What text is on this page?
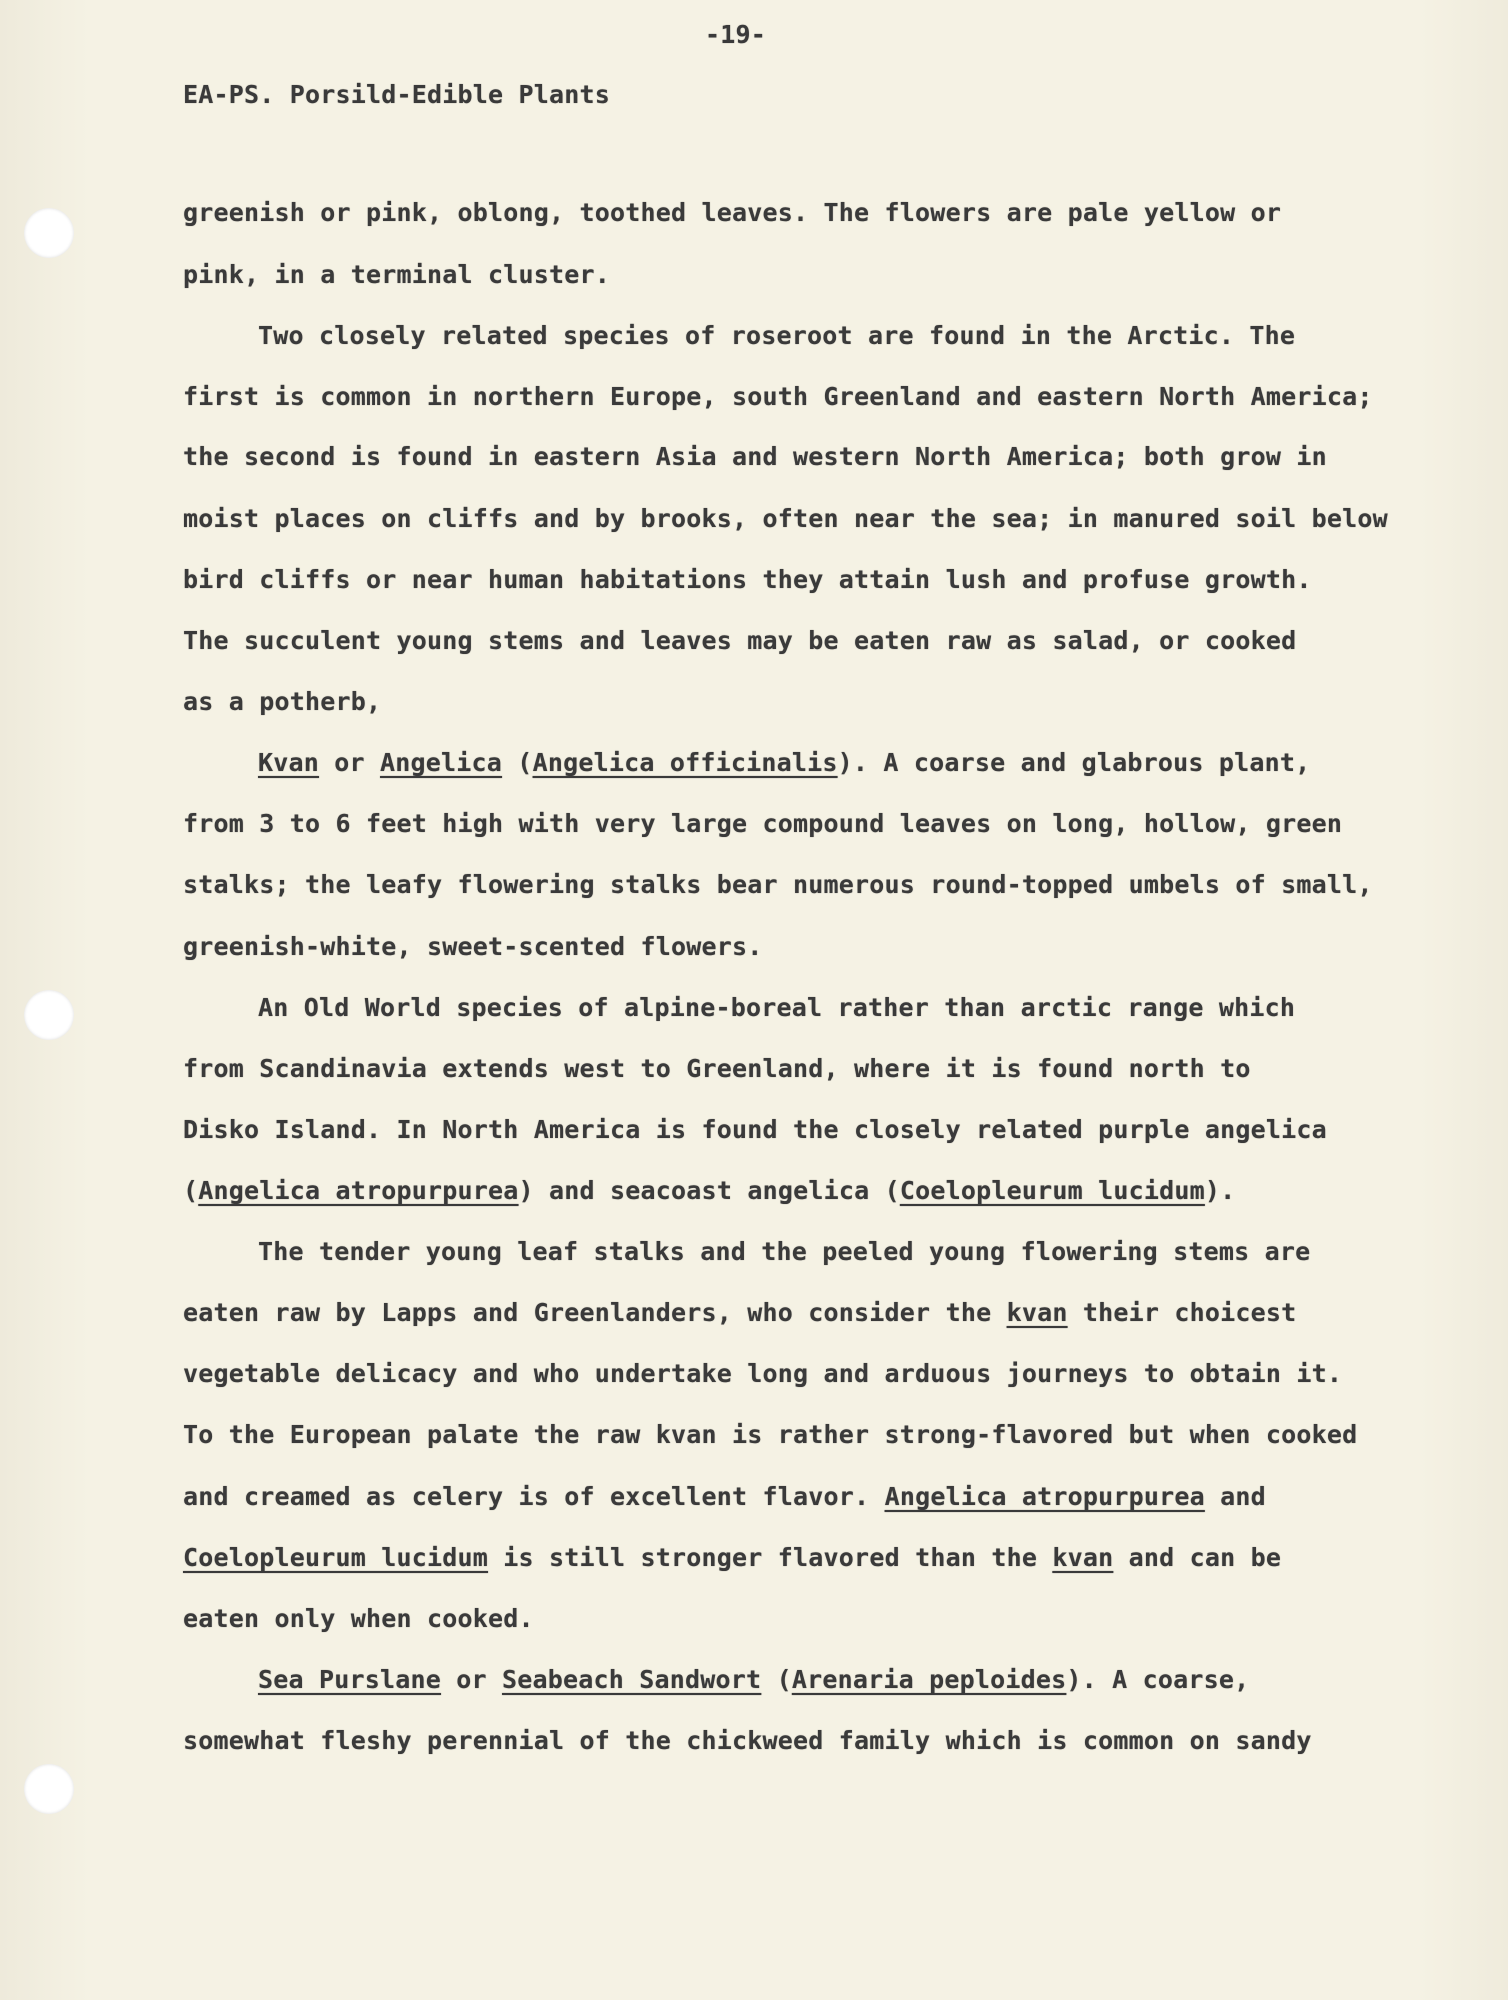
-19-
EA-PS. Porsild-Edible Plants
greenish or pink, oblong, toothed leaves. The flowers are pale yellow or
pink, in a terminal cluster.
Two closely related species of roseroot are found in the Arctic. The
first is common in northern Europe, south Greenland and eastern North America;
the second is found in eastern Asia and western North America; both grow in
moist places on cliffs and by brooks, often near the sea; in manured soil below
bird cliffs or near human habitations they attain lush and profuse growth.
The succulent young stems and leaves may be eaten raw as salad, or cooked
as a potherb,
Kvan or Angelica (Angelica officinalis). A coarse and glabrous plant,
from 3 to 6 feet high with very large compound leaves on long, hollow, green
stalks; the leafy flowering stalks bear numerous round-topped umbels of small,
greenish-white, sweet-scented flowers.
An Old World species of alpine-boreal rather than arctic range which
from Scandinavia extends west to Greenland, where it is found north to
Disko Island. In North America is found the closely related purple angelica
(Angelica atropurpurea) and seacoast angelica (Coelopleurum lucidum).
The tender young leaf stalks and the peeled young flowering stems are
eaten raw by Lapps and Greenlanders, who consider the kvan their choicest
vegetable delicacy and who undertake long and arduous journeys to obtain it.
To the European palate the raw kvan is rather strong-flavored but when cooked
and creamed as celery is of excellent flavor. Angelica atropurpurea and
Coelopleurum lucidum is still stronger flavored than the kvan and can be
eaten only when cooked.
Sea Purslane or Seabeach Sandwort (Arenaria peploides). A coarse,
somewhat fleshy perennial of the chickweed family which is common on sandy
